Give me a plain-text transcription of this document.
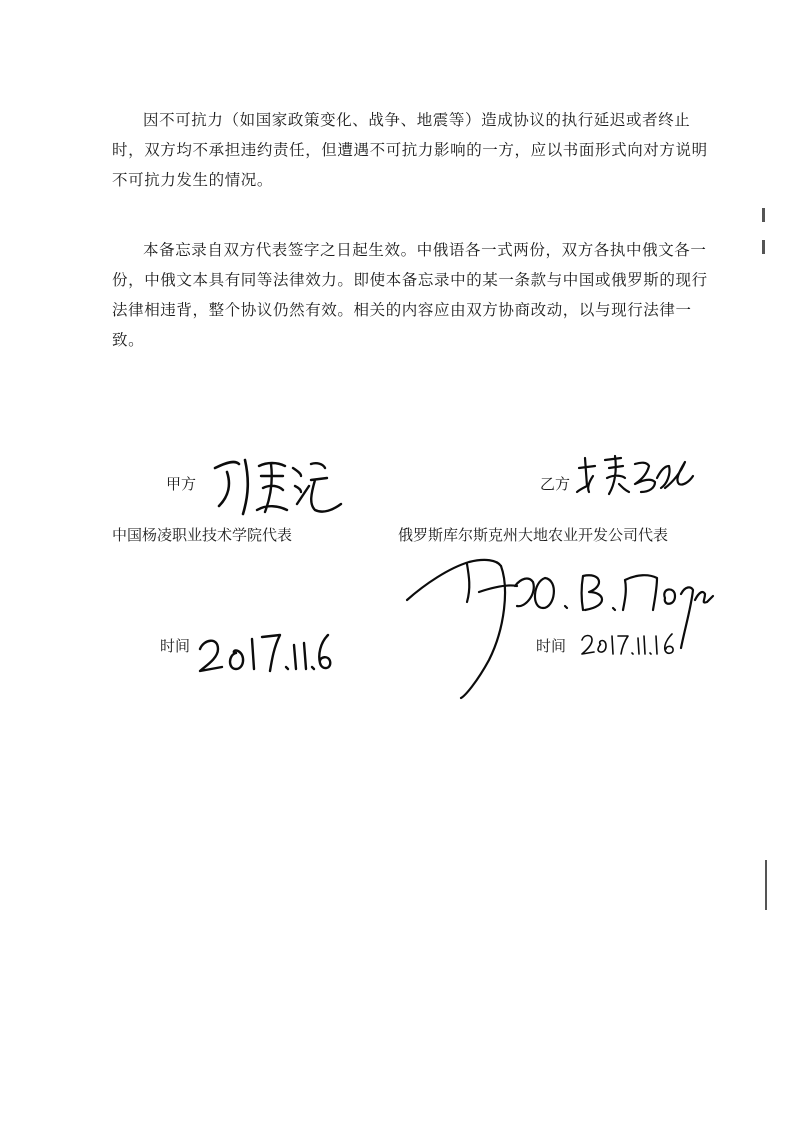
因不可抗力（如国家政策变化、战争、地震等）造成协议的执行延迟或者终止时，双方均不承担违约责任，但遭遇不可抗力影响的一方，应以书面形式向对方说明不可抗力发生的情况。

本备忘录自双方代表签字之日起生效。中俄语各一式两份，双方各执中俄文各一份，中俄文本具有同等法律效力。即使本备忘录中的某一条款与中国或俄罗斯的现行法律相违背，整个协议仍然有效。相关的内容应由双方协商改动，以与现行法律一致。

甲方

中国杨凌职业技术学院代表

时间

乙方

俄罗斯库尔斯克州大地农业开发公司代表

时间
